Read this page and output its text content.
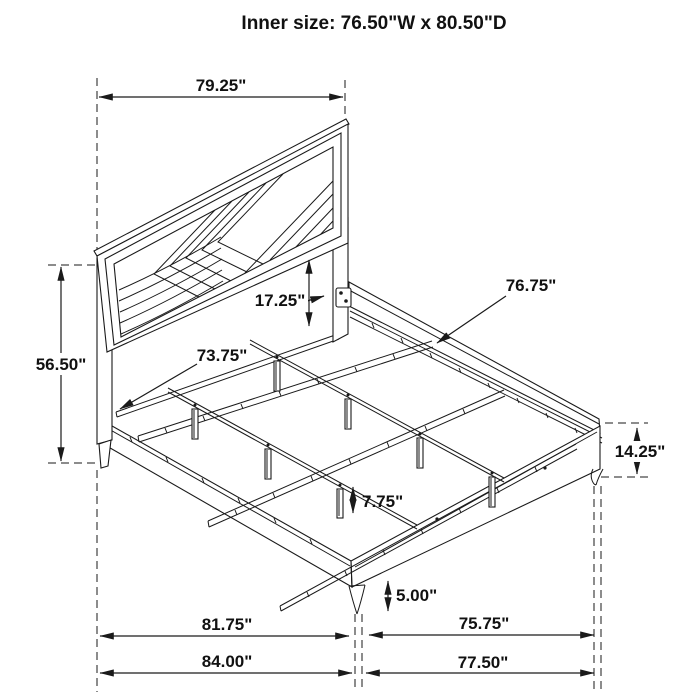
79.25"
56.50"
17.25"
76.75"
73.75"
14.25"
7.75"
5.00"
81.75"	75.75"
84.00"	77.50"
Inner size: 76.50"W x 80.50"D
